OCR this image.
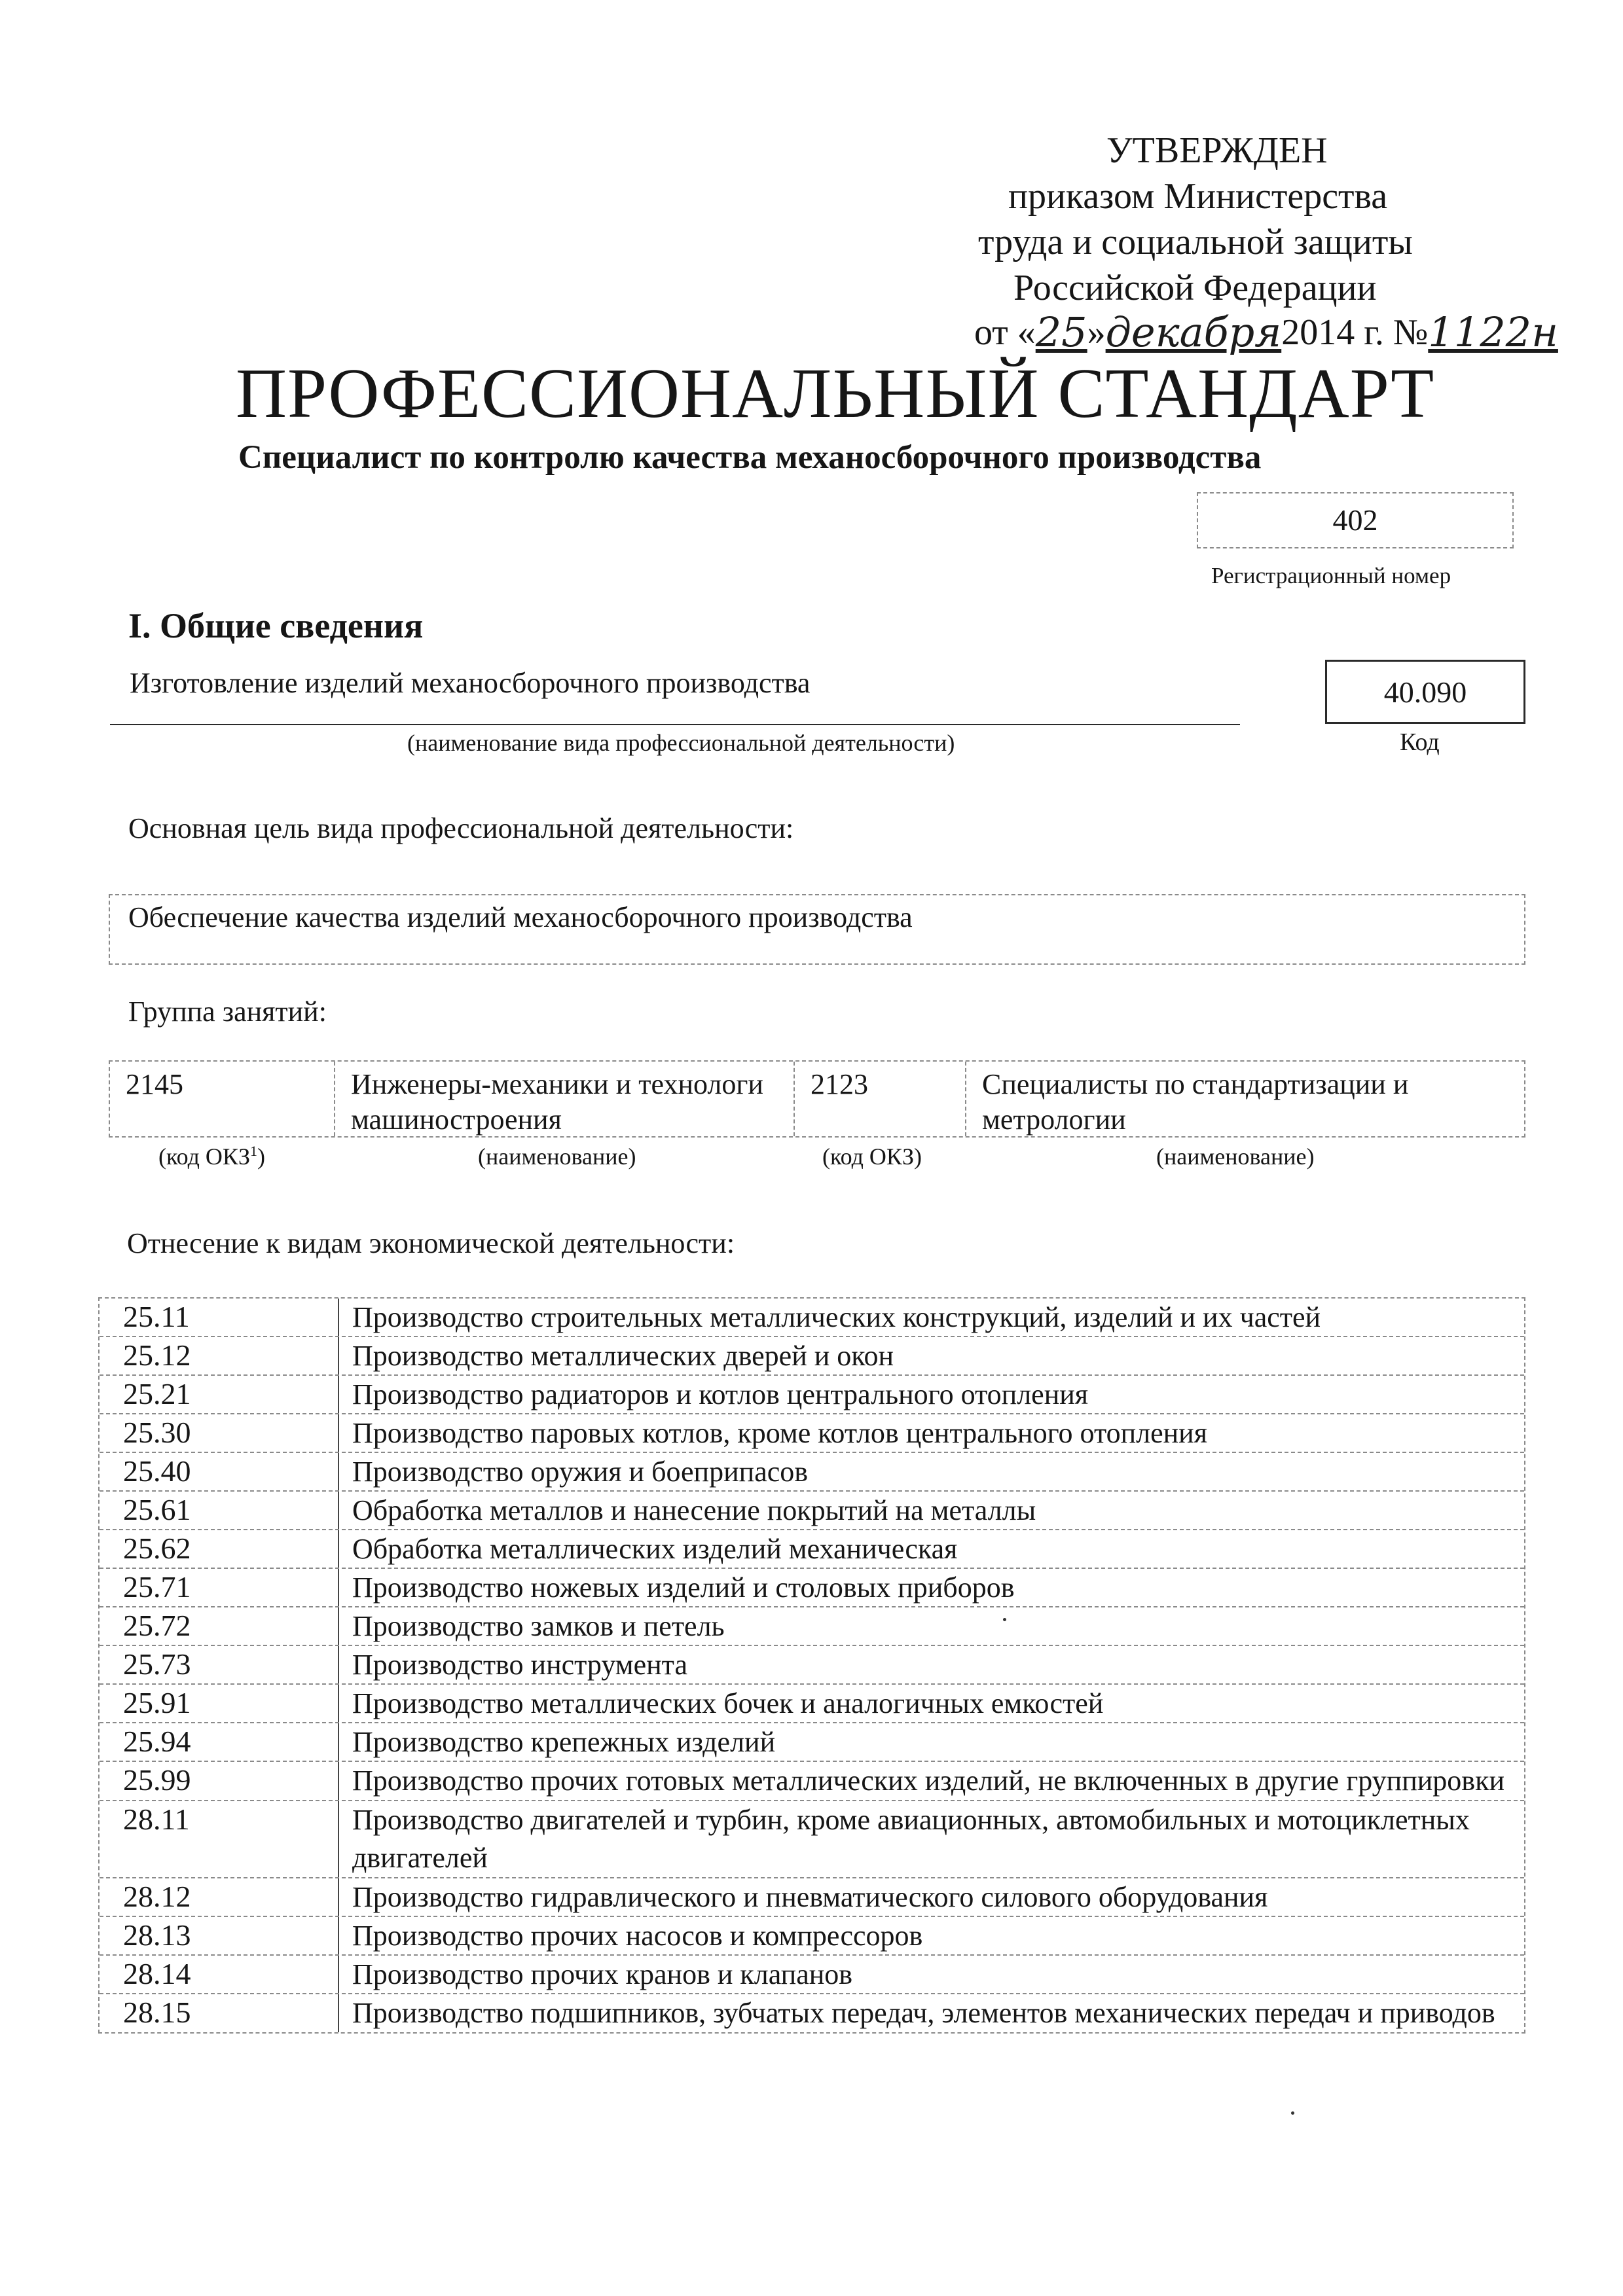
УТВЕРЖДЕН
приказом Министерства
труда и социальной защиты
Российской Федерации
от « 25 » декабря 2014 г. № 1122н
ПРОФЕССИОНАЛЬНЫЙ СТАНДАРТ
Специалист по контролю качества механосборочного производства
402
Регистрационный номер
I. Общие сведения
Изготовление изделий механосборочного производства
(наименование вида профессиональной деятельности)
40.090
Код
Основная цель вида профессиональной деятельности:
Обеспечение качества изделий механосборочного производства
Группа занятий:
2145	Инженеры-механики и технологи машиностроения
2123	Специалисты по стандартизации и метрологии
(код ОКЗ$^1$)	(наименование)	(код ОКЗ)	(наименование)
Отнесение к видам экономической деятельности:
25.11	Производство строительных металлических конструкций, изделий и их частей
25.12	Производство металлических дверей и окон
25.21	Производство радиаторов и котлов центрального отопления
25.30	Производство паровых котлов, кроме котлов центрального отопления
25.40	Производство оружия и боеприпасов
25.61	Обработка металлов и нанесение покрытий на металлы
25.62	Обработка металлических изделий механическая
25.71	Производство ножевых изделий и столовых приборов
25.72	Производство замков и петель
25.73	Производство инструмента
25.91	Производство металлических бочек и аналогичных емкостей
25.94	Производство крепежных изделий
25.99	Производство прочих готовых металлических изделий, не включенных в другие группировки
28.11	Производство двигателей и турбин, кроме авиационных, автомобильных и мотоциклетных двигателей
28.12	Производство гидравлического и пневматического силового оборудования
28.13	Производство прочих насосов и компрессоров
28.14	Производство прочих кранов и клапанов
28.15	Производство подшипников, зубчатых передач, элементов механических передач и приводов
